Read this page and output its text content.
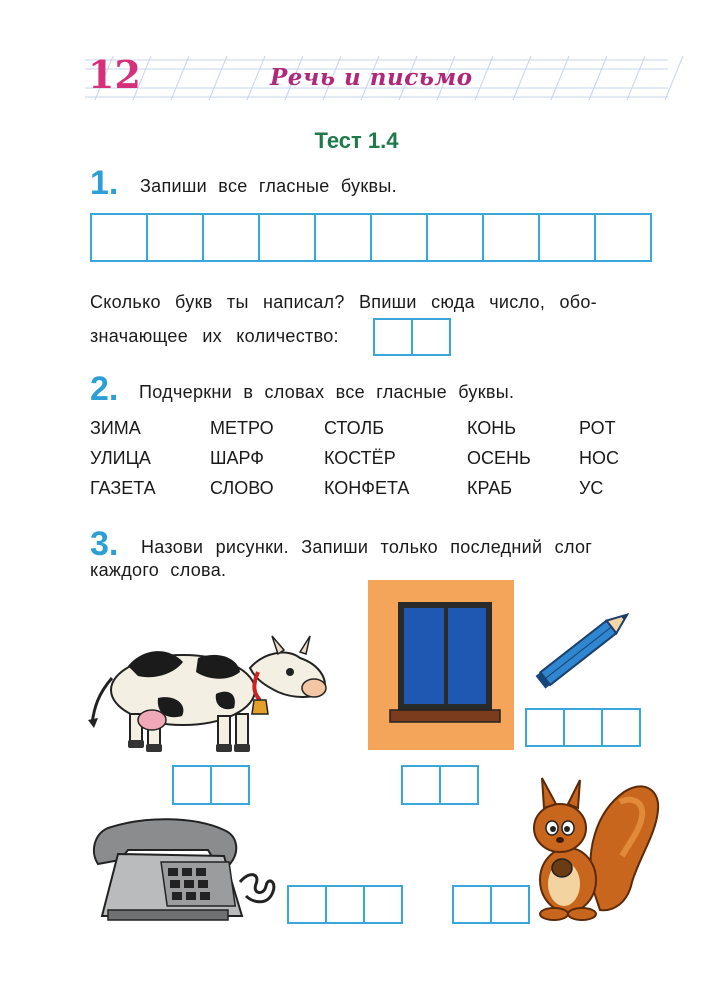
12	Речь и письмо
Тест 1.4
1. Запиши все гласные буквы.
Сколько букв ты написал? Впиши сюда число, обо-
значающее их количество:
2. Подчеркни в словах все гласные буквы.
ЗИМА	МЕТРО	СТОЛБ	КОНЬ	РОТ
УЛИЦА	ШАРФ	КОСТЁР	ОСЕНЬ	НОС
ГАЗЕТА	СЛОВО	КОНФЕТА	КРАБ	УС
3. Назови рисунки. Запиши только последний слог
каждого слова.
